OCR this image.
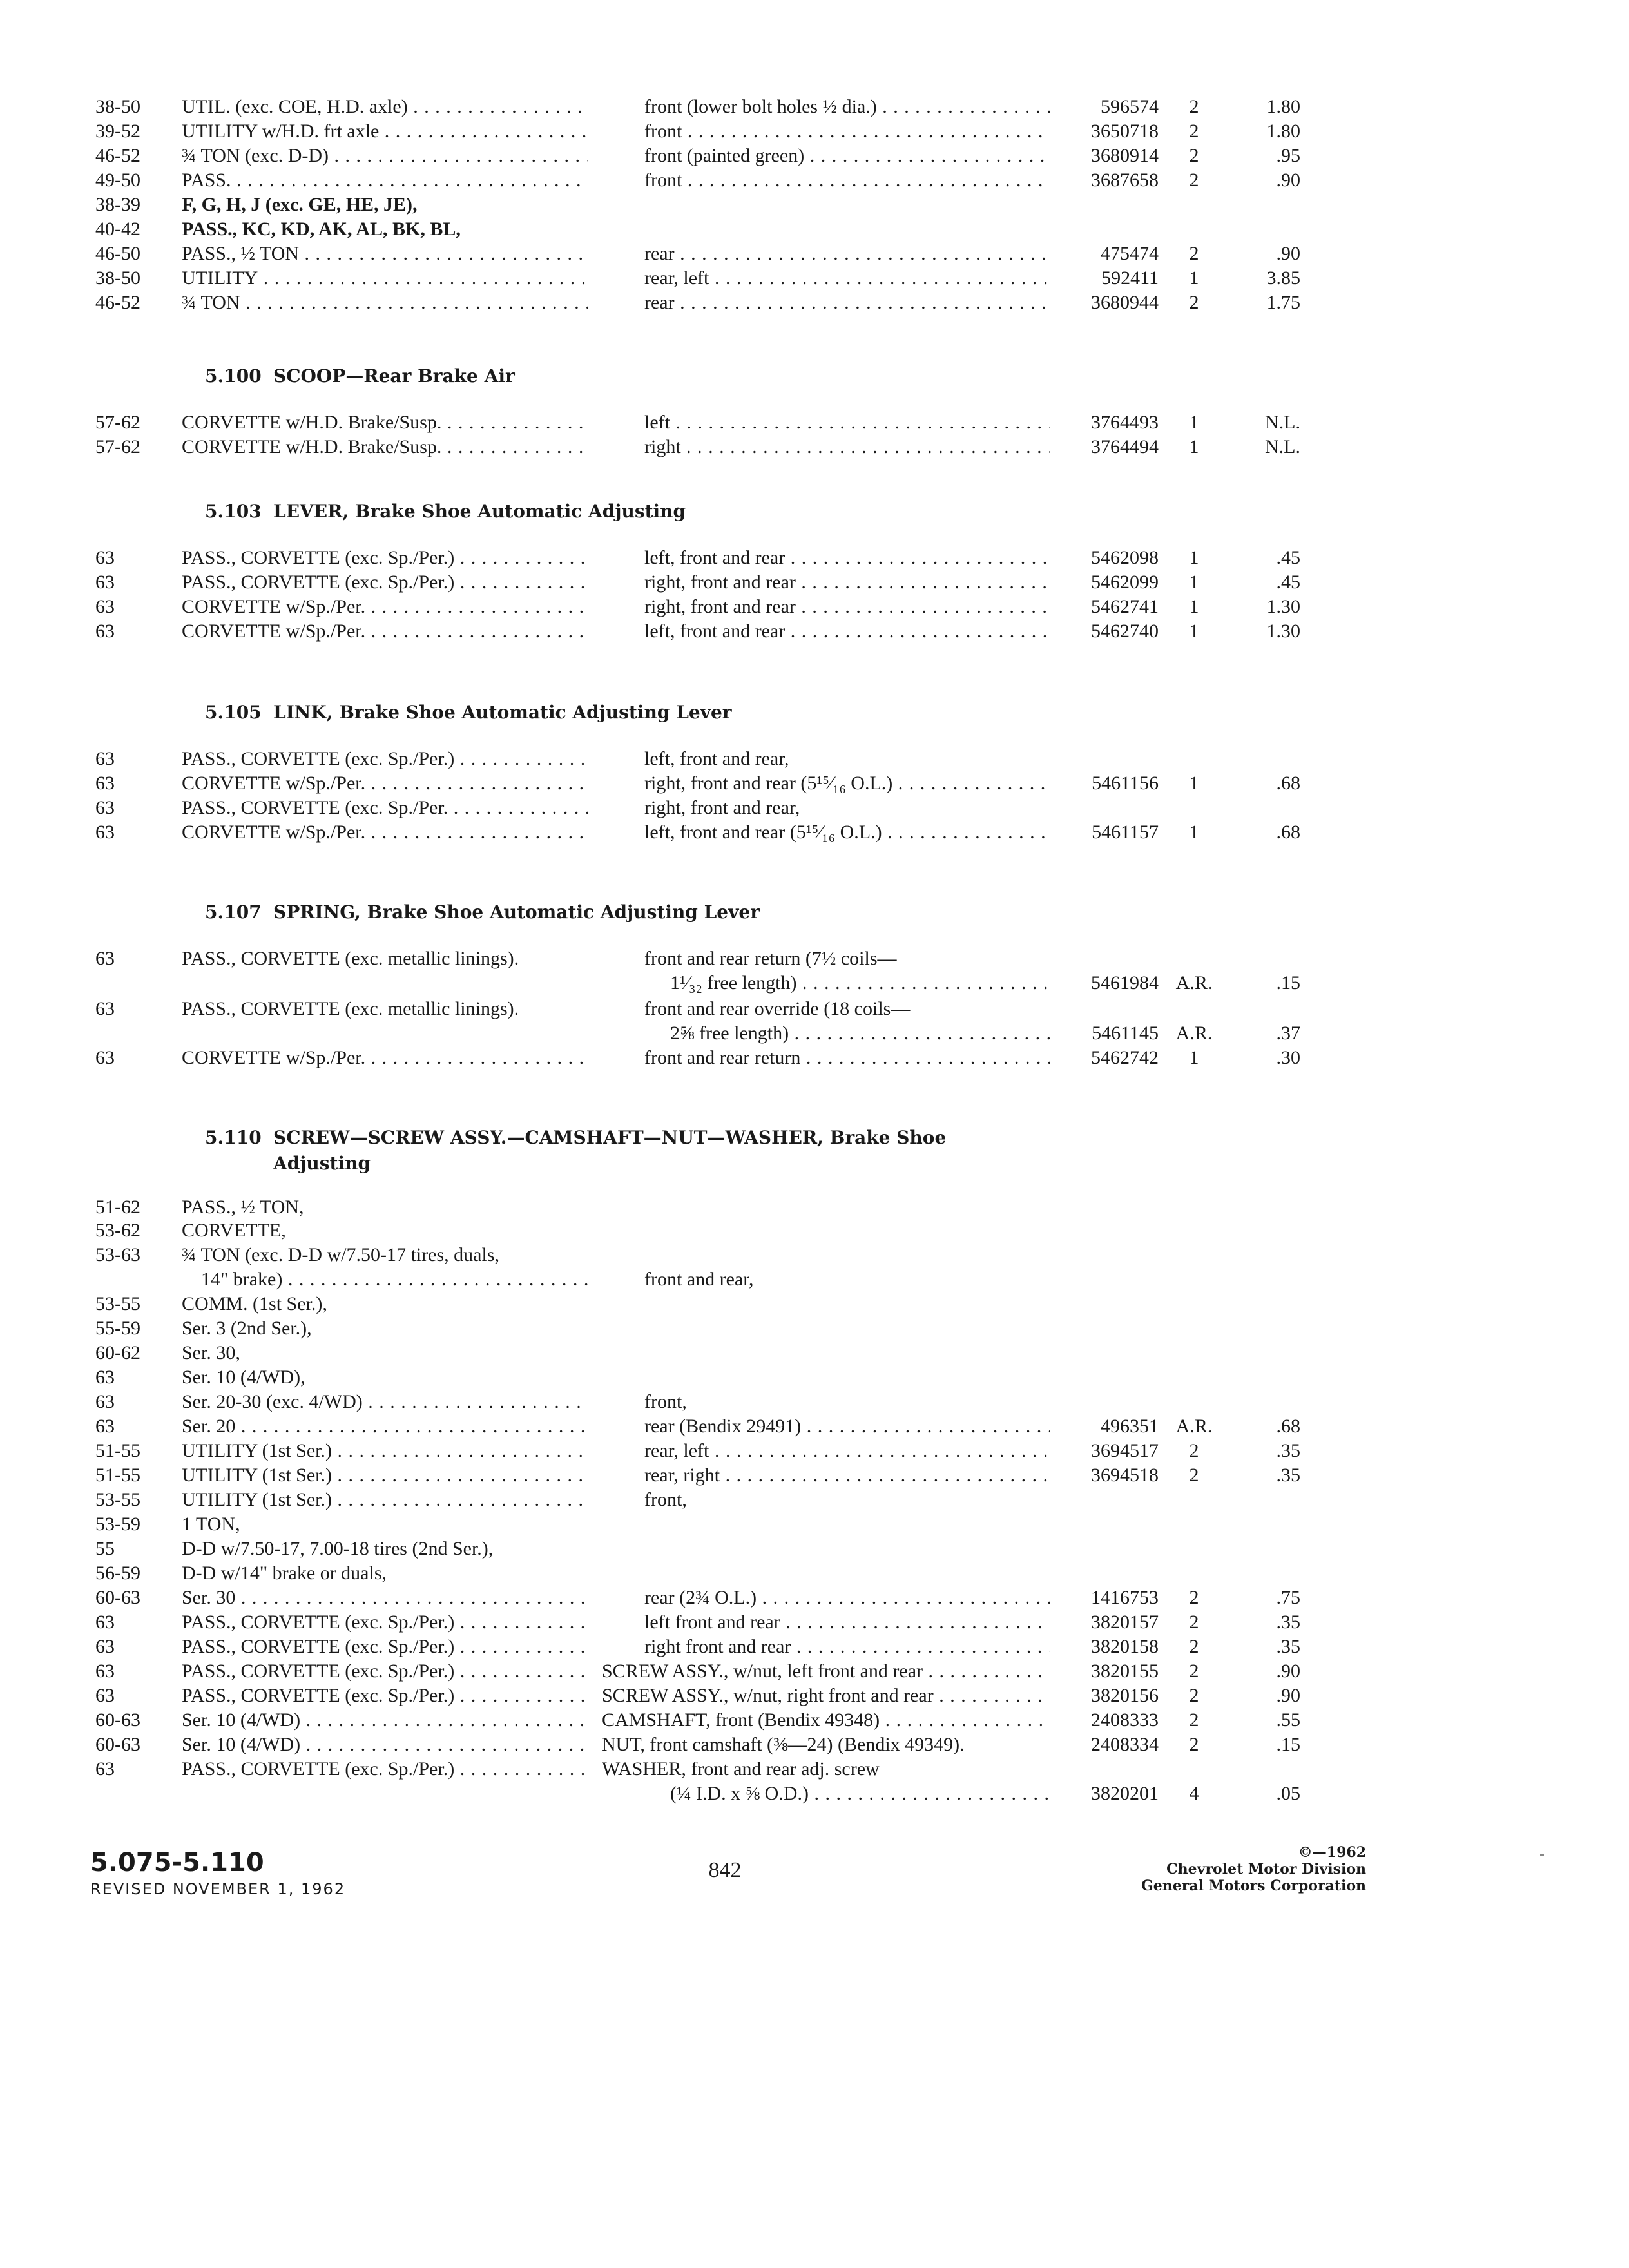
38-50 UTIL. (exc. COE, H.D. axle) . . .	front (lower bolt holes ½ dia.) . . .	596574	2	1.80
39-52 UTILITY w/H.D. frt axle . . .	front . . .	3650718	2	1.80
46-52 ¾ TON (exc. D-D) . . .	front (painted green) . . .	3680914	2	.95
49-50 PASS. . . .	front . . .	3687658	2	.90
38-39 F, G, H, J (exc. GE, HE, JE),
40-42 PASS., KC, KD, AK, AL, BK, BL,
46-50 PASS., ½ TON . . .	rear . . .	475474	2	.90
38-50 UTILITY . . .	rear, left . . .	592411	1	3.85
46-52 ¾ TON . . .	rear . . .	3680944	2	1.75
5.100 SCOOP—Rear Brake Air
57-62 CORVETTE w/H.D. Brake/Susp. . . .	left . . .	3764493	1	N.L.
57-62 CORVETTE w/H.D. Brake/Susp. . . .	right . . .	3764494	1	N.L.
5.103 LEVER, Brake Shoe Automatic Adjusting
63	PASS., CORVETTE (exc. Sp./Per.) . . .	left, front and rear . . .	5462098	1	.45
63	PASS., CORVETTE (exc. Sp./Per.) . . .	right, front and rear . . .	5462099	1	.45
63	CORVETTE w/Sp./Per. . . .	right, front and rear . . .	5462741	1	1.30
63	CORVETTE w/Sp./Per. . . .	left, front and rear . . .	5462740	1	1.30
5.105 LINK, Brake Shoe Automatic Adjusting Lever
63	PASS., CORVETTE (exc. Sp./Per.) . . .	left, front and rear,
63	CORVETTE w/Sp./Per. . . .	right, front and rear (5¹⁵⁄₁₆ O.L.) . . .	5461156	1	.68
63	PASS., CORVETTE (exc. Sp./Per. . . .	right, front and rear,
63	CORVETTE w/Sp./Per. . . .	left, front and rear (5¹⁵⁄₁₆ O.L.) . . .	5461157	1	.68
5.107 SPRING, Brake Shoe Automatic Adjusting Lever
63	PASS., CORVETTE (exc. metallic linings).	front and rear return (7½ coils—
1¹⁄₃₂ free length) . . .	5461984 A.R.	.15
63	PASS., CORVETTE (exc. metallic linings).	front and rear override (18 coils—
2⅝ free length) . . .	5461145 A.R.	.37
63	CORVETTE w/Sp./Per. . . .	front and rear return . . .	5462742	1	.30
5.110 SCREW—SCREW ASSY.—CAMSHAFT—NUT—WASHER, Brake Shoe
Adjusting
51-62 PASS., ½ TON,
53-62 CORVETTE,
53-63 ¾ TON (exc. D-D w/7.50-17 tires, duals,
14" brake) . . .	front and rear,
53-55 COMM. (1st Ser.),
55-59 Ser. 3 (2nd Ser.),
60-62 Ser. 30,
63	Ser. 10 (4/WD),
63	Ser. 20-30 (exc. 4/WD) . . .	front,
63	Ser. 20 . . .	rear (Bendix 29491) . . .	496351 A.R.	.68
51-55 UTILITY (1st Ser.) . . .	rear, left . . .	3694517	2	.35
51-55 UTILITY (1st Ser.) . . .	rear, right . . .	3694518	2	.35
53-55 UTILITY (1st Ser.) . . .	front,
53-59 1 TON,
55	D-D w/7.50-17, 7.00-18 tires (2nd Ser.),
56-59 D-D w/14" brake or duals,
60-63 Ser. 30 . . .	rear (2¾ O.L.) . . .	1416753	2	.75
63	PASS., CORVETTE (exc. Sp./Per.) . . .	left front and rear . . .	3820157	2	.35
63	PASS., CORVETTE (exc. Sp./Per.) . . .	right front and rear . . .	3820158	2	.35
63	PASS., CORVETTE (exc. Sp./Per.) . . .	SCREW ASSY., w/nut, left front and rear . . .	3820155	2	.90
63	PASS., CORVETTE (exc. Sp./Per.) . . .	SCREW ASSY., w/nut, right front and rear . . .	3820156	2	.90
60-63 Ser. 10 (4/WD) . . .	CAMSHAFT, front (Bendix 49348) . . .	2408333	2	.55
60-63 Ser. 10 (4/WD) . . .	NUT, front camshaft (⅜—24) (Bendix 49349).	2408334	2	.15
63	PASS., CORVETTE (exc. Sp./Per.) . . .	WASHER, front and rear adj. screw
(¼ I.D. x ⅝ O.D.) . . .	3820201	4	.05
5.075-5.110
REVISED NOVEMBER 1, 1962
842
©—1962
Chevrolet Motor Division
General Motors Corporation
